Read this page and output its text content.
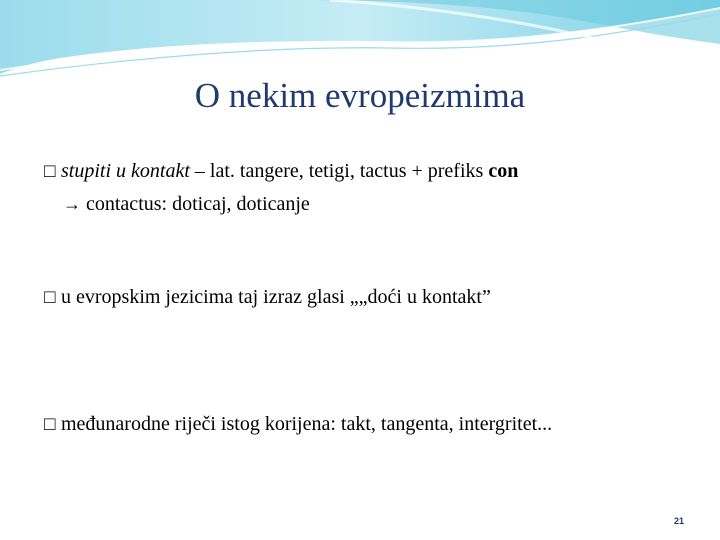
O nekim evropeizmima
□ stupiti u kontakt – lat. tangere, tetigi, tactus + prefiks con
→ contactus: doticaj, doticanje
□ u evropskim jezicima taj izraz glasi „„doći u kontakt”
□ međunarodne riječi istog korijena: takt, tangenta, intergritet...
21
